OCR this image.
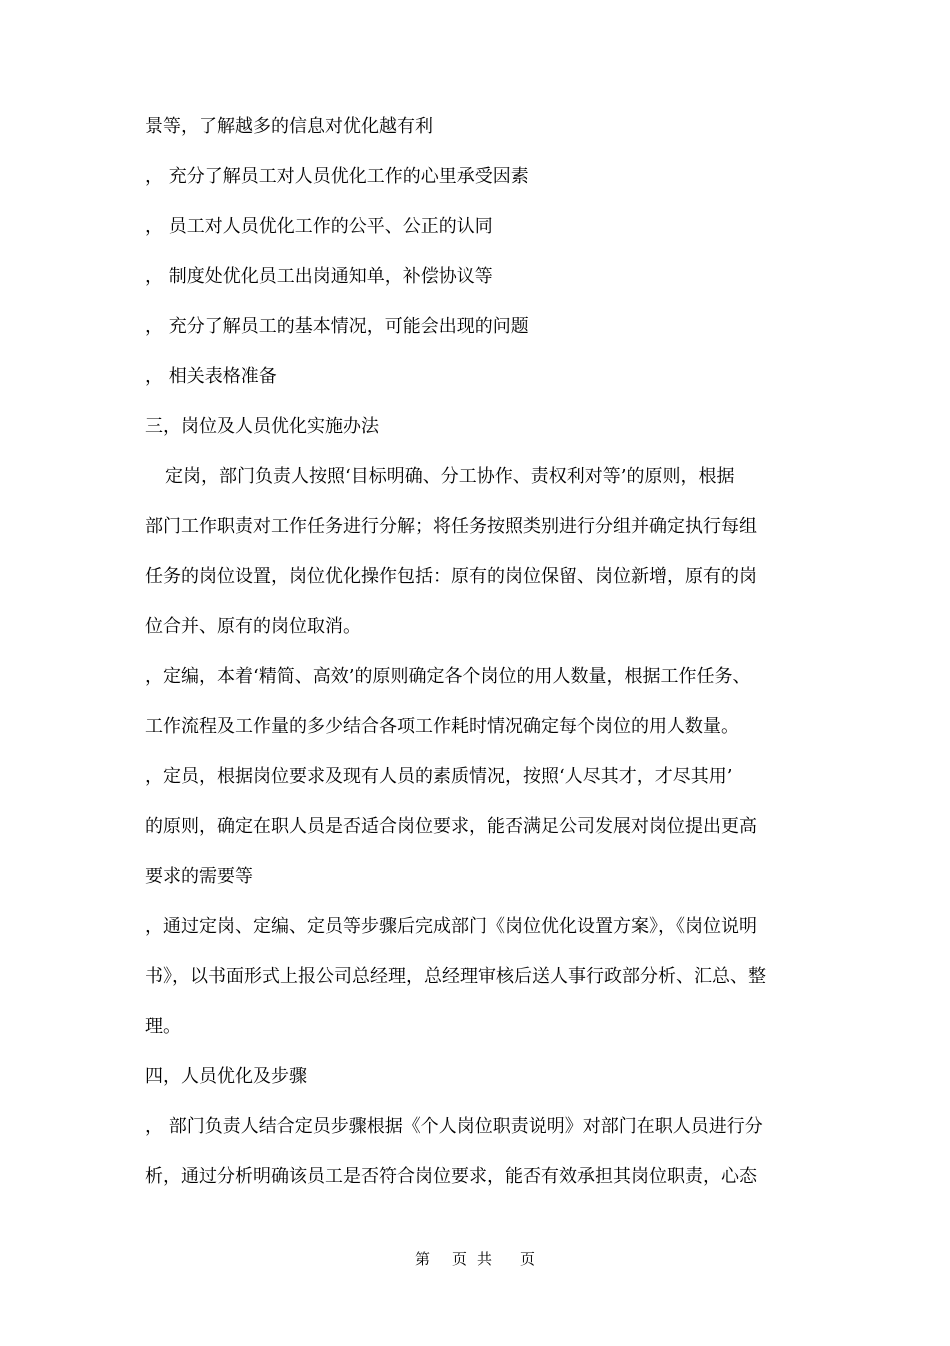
景等，了解越多的信息对优化越有利
， 充分了解员工对人员优化工作的心里承受因素
， 员工对人员优化工作的公平、公正的认同
， 制度处优化员工出岗通知单，补偿协议等
， 充分了解员工的基本情况，可能会出现的问题
， 相关表格准备
三，岗位及人员优化实施办法
定岗，部门负责人按照‘目标明确、分工协作、责权利对等’的原则，根据
部门工作职责对工作任务进行分解；将任务按照类别进行分组并确定执行每组
任务的岗位设置，岗位优化操作包括：原有的岗位保留、岗位新增，原有的岗
位合并、原有的岗位取消。
，定编，本着‘精简、高效’的原则确定各个岗位的用人数量，根据工作任务、
工作流程及工作量的多少结合各项工作耗时情况确定每个岗位的用人数量。
，定员，根据岗位要求及现有人员的素质情况，按照‘人尽其才，才尽其用’
的原则，确定在职人员是否适合岗位要求，能否满足公司发展对岗位提出更高
要求的需要等
，通过定岗、定编、定员等步骤后完成部门《岗位优化设置方案》，《岗位说明
书》，以书面形式上报公司总经理，总经理审核后送人事行政部分析、汇总、整
理。
四，人员优化及步骤
， 部门负责人结合定员步骤根据《个人岗位职责说明》对部门在职人员进行分
析，通过分析明确该员工是否符合岗位要求，能否有效承担其岗位职责，心态
第 页 共 页
